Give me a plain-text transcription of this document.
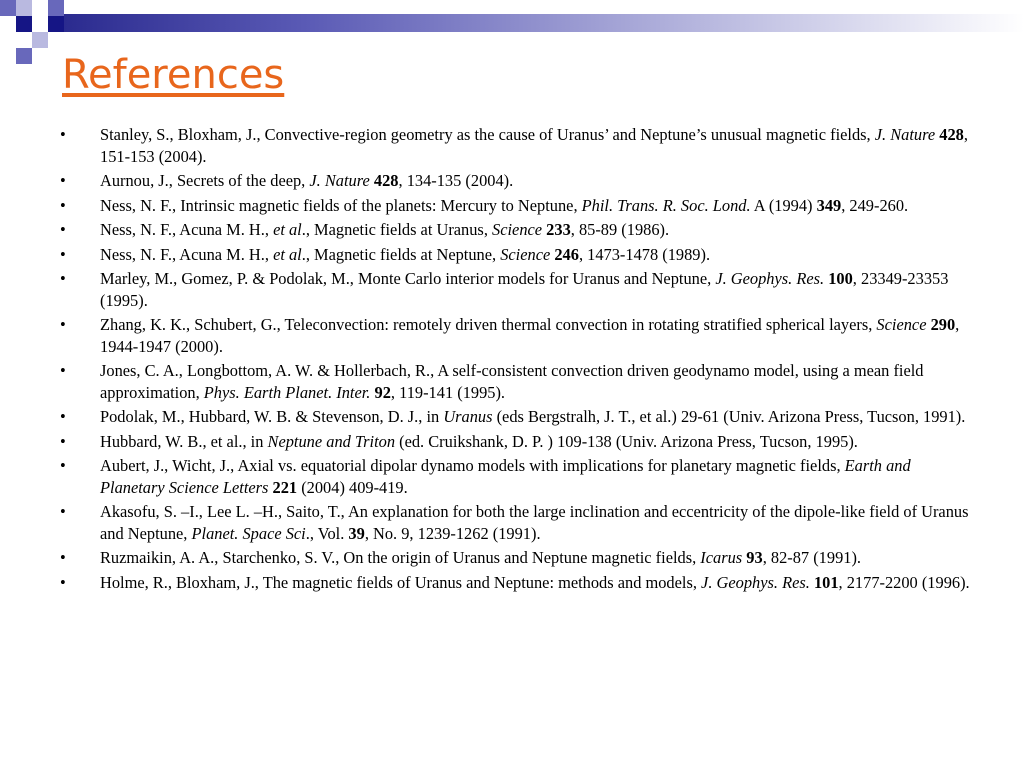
References
• Stanley, S., Bloxham, J., Convective-region geometry as the cause of Uranus’ and Neptune’s unusual magnetic fields, J. Nature 428, 151-153 (2004).
• Aurnou, J., Secrets of the deep, J. Nature 428, 134-135 (2004).
• Ness, N. F., Intrinsic magnetic fields of the planets: Mercury to Neptune, Phil. Trans. R. Soc. Lond. A (1994) 349, 249-260.
• Ness, N. F., Acuna M. H., et al., Magnetic fields at Uranus, Science 233, 85-89 (1986).
• Ness, N. F., Acuna M. H., et al., Magnetic fields at Neptune, Science 246, 1473-1478 (1989).
• Marley, M., Gomez, P. & Podolak, M., Monte Carlo interior models for Uranus and Neptune, J. Geophys. Res. 100, 23349-23353 (1995).
• Zhang, K. K., Schubert, G., Teleconvection: remotely driven thermal convection in rotating stratified spherical layers, Science 290, 1944-1947 (2000).
• Jones, C. A., Longbottom, A. W. & Hollerbach, R., A self-consistent convection driven geodynamo model, using a mean field approximation, Phys. Earth Planet. Inter. 92, 119-141 (1995).
• Podolak, M., Hubbard, W. B. & Stevenson, D. J., in Uranus (eds Bergstralh, J. T., et al.) 29-61 (Univ. Arizona Press, Tucson, 1991).
• Hubbard, W. B., et al., in Neptune and Triton (ed. Cruikshank, D. P. ) 109-138 (Univ. Arizona Press, Tucson, 1995).
• Aubert, J., Wicht, J., Axial vs. equatorial dipolar dynamo models with implications for planetary magnetic fields, Earth and Planetary Science Letters 221 (2004) 409-419.
• Akasofu, S. –I., Lee L. –H., Saito, T., An explanation for both the large inclination and eccentricity of the dipole-like field of Uranus and Neptune, Planet. Space Sci., Vol. 39, No. 9, 1239-1262 (1991).
• Ruzmaikin, A. A., Starchenko, S. V., On the origin of Uranus and Neptune magnetic fields, Icarus 93, 82-87 (1991).
• Holme, R., Bloxham, J., The magnetic fields of Uranus and Neptune: methods and models, J. Geophys. Res. 101, 2177-2200 (1996).
